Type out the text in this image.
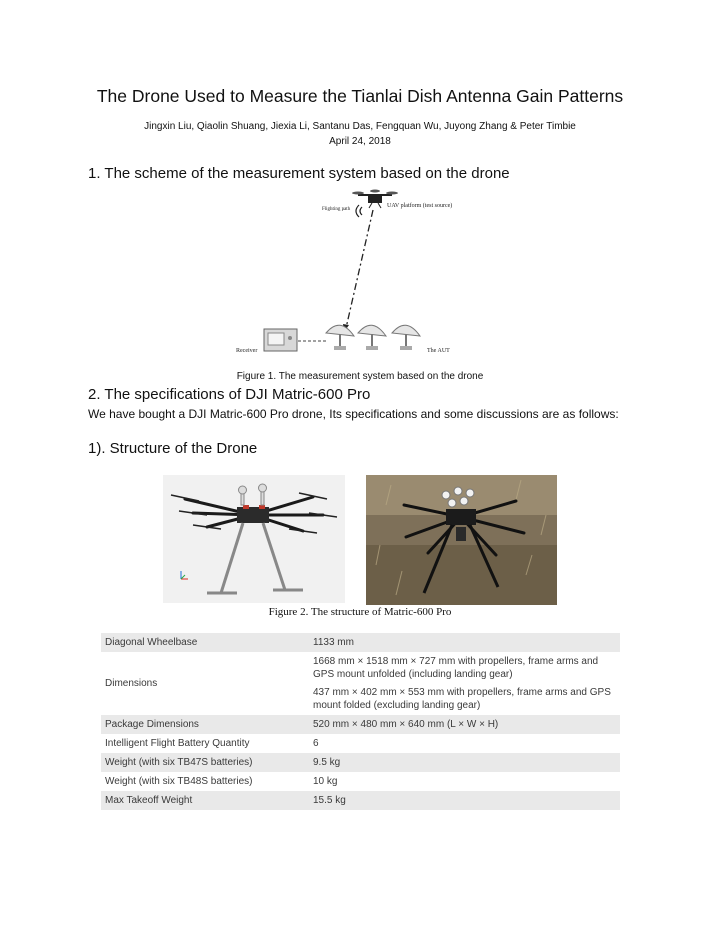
The Drone Used to Measure the Tianlai Dish Antenna Gain Patterns
Jingxin Liu, Qiaolin Shuang, Jiexia Li, Santanu Das, Fengquan Wu, Juyong Zhang & Peter Timbie
April 24, 2018
1. The scheme of the measurement system based on the drone
Flighting path
UAV platform (test source)
Receiver	The AUT
Figure 1. The measurement system based on the drone
2. The specifications of DJI Matric-600 Pro
We have bought a DJI Matric-600 Pro drone, Its specifications and some discussions are as follows:
1). Structure of the Drone
Figure 2. The structure of Matric-600 Pro
Diagonal Wheelbase	1133 mm
Dimensions	1668 mm × 1518 mm × 727 mm with propellers, frame arms and GPS mount unfolded (including landing gear)
437 mm × 402 mm × 553 mm with propellers, frame arms and GPS mount folded (excluding landing gear)

Package Dimensions	520 mm × 480 mm × 640 mm (L × W × H)
Intelligent Flight Battery Quantity	6
Weight (with six TB47S batteries)	9.5 kg
Weight (with six TB48S batteries)	10 kg
Max Takeoff Weight	15.5 kg
